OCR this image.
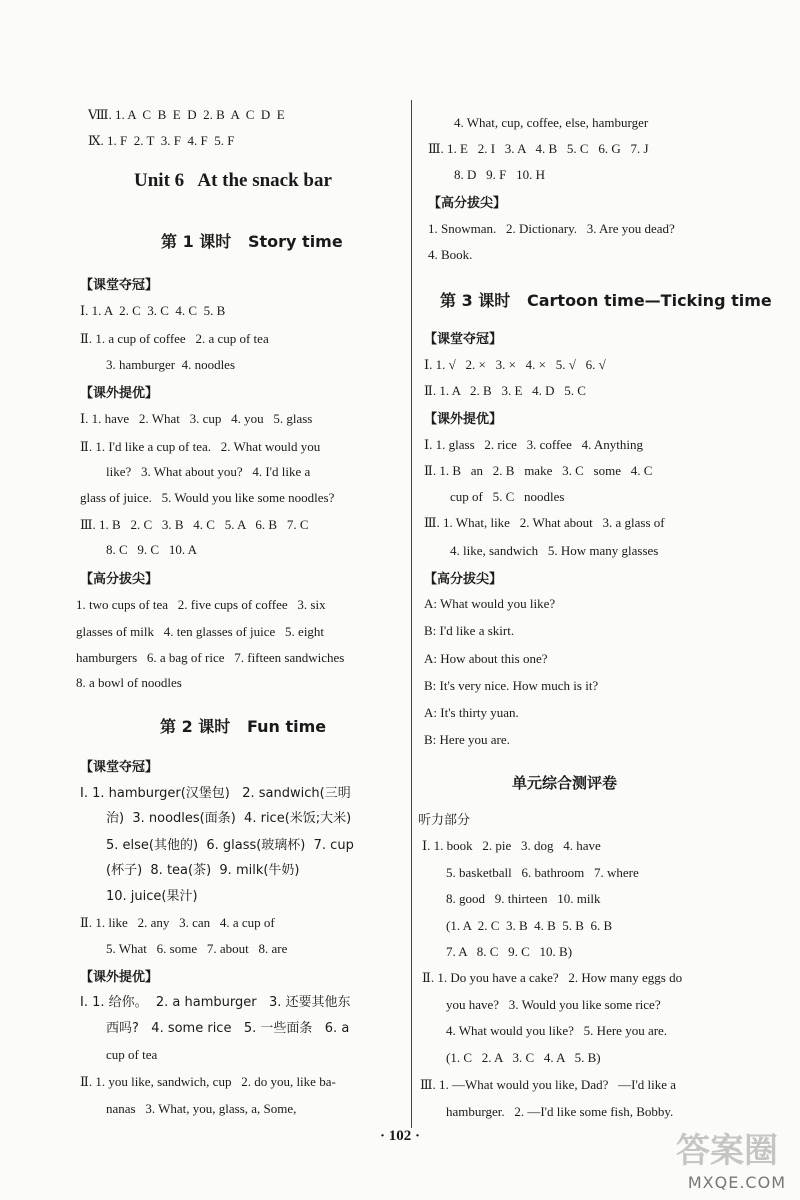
Ⅷ. 1. A  C  B  E  D  2. B  A  C  D  E
Ⅸ. 1. F  2. T  3. F  4. F  5. F
Unit 6   At the snack bar
第 1 课时   Story time
【课堂夺冠】
Ⅰ. 1. A  2. C  3. C  4. C  5. B
Ⅱ. 1. a cup of coffee   2. a cup of tea
3. hamburger  4. noodles
【课外提优】
Ⅰ. 1. have   2. What   3. cup   4. you   5. glass
Ⅱ. 1. I'd like a cup of tea.   2. What would you
like?   3. What about you?   4. I'd like a
glass of juice.   5. Would you like some noodles?
Ⅲ. 1. B   2. C   3. B   4. C   5. A   6. B   7. C
8. C   9. C   10. A
【高分拔尖】
1. two cups of tea   2. five cups of coffee   3. six
glasses of milk   4. ten glasses of juice   5. eight
hamburgers   6. a bag of rice   7. fifteen sandwiches
8. a bowl of noodles
第 2 课时   Fun time
【课堂夺冠】
Ⅰ. 1. hamburger(汉堡包)   2. sandwich(三明
治)  3. noodles(面条)  4. rice(米饭;大米)
5. else(其他的)  6. glass(玻璃杯)  7. cup
(杯子)  8. tea(茶)  9. milk(牛奶)
10. juice(果汁)
Ⅱ. 1. like   2. any   3. can   4. a cup of
5. What   6. some   7. about   8. are
【课外提优】
Ⅰ. 1. 给你。  2. a hamburger   3. 还要其他东
西吗?   4. some rice   5. 一些面条   6. a
cup of tea
Ⅱ. 1. you like, sandwich, cup   2. do you, like ba-
nanas   3. What, you, glass, a, Some,
4. What, cup, coffee, else, hamburger
Ⅲ. 1. E   2. I   3. A   4. B   5. C   6. G   7. J
8. D   9. F   10. H
【高分拔尖】
1. Snowman.   2. Dictionary.   3. Are you dead?
4. Book.
第 3 课时   Cartoon time—Ticking time
【课堂夺冠】
Ⅰ. 1. √   2. ×   3. ×   4. ×   5. √   6. √
Ⅱ. 1. A   2. B   3. E   4. D   5. C
【课外提优】
Ⅰ. 1. glass   2. rice   3. coffee   4. Anything
Ⅱ. 1. B   an   2. B   make   3. C   some   4. C
cup of   5. C   noodles
Ⅲ. 1. What, like   2. What about   3. a glass of
4. like, sandwich   5. How many glasses
【高分拔尖】
A: What would you like?
B: I'd like a skirt.
A: How about this one?
B: It's very nice. How much is it?
A: It's thirty yuan.
B: Here you are.
单元综合测评卷
听力部分
Ⅰ. 1. book   2. pie   3. dog   4. have
5. basketball   6. bathroom   7. where
8. good   9. thirteen   10. milk
(1. A  2. C  3. B  4. B  5. B  6. B
7. A   8. C   9. C   10. B)
Ⅱ. 1. Do you have a cake?   2. How many eggs do
you have?   3. Would you like some rice?
4. What would you like?   5. Here you are.
(1. C   2. A   3. C   4. A   5. B)
Ⅲ. 1. —What would you like, Dad?   —I'd like a
hamburger.   2. —I'd like some fish, Bobby.
· 102 ·	答案圈
MXQE.COM
